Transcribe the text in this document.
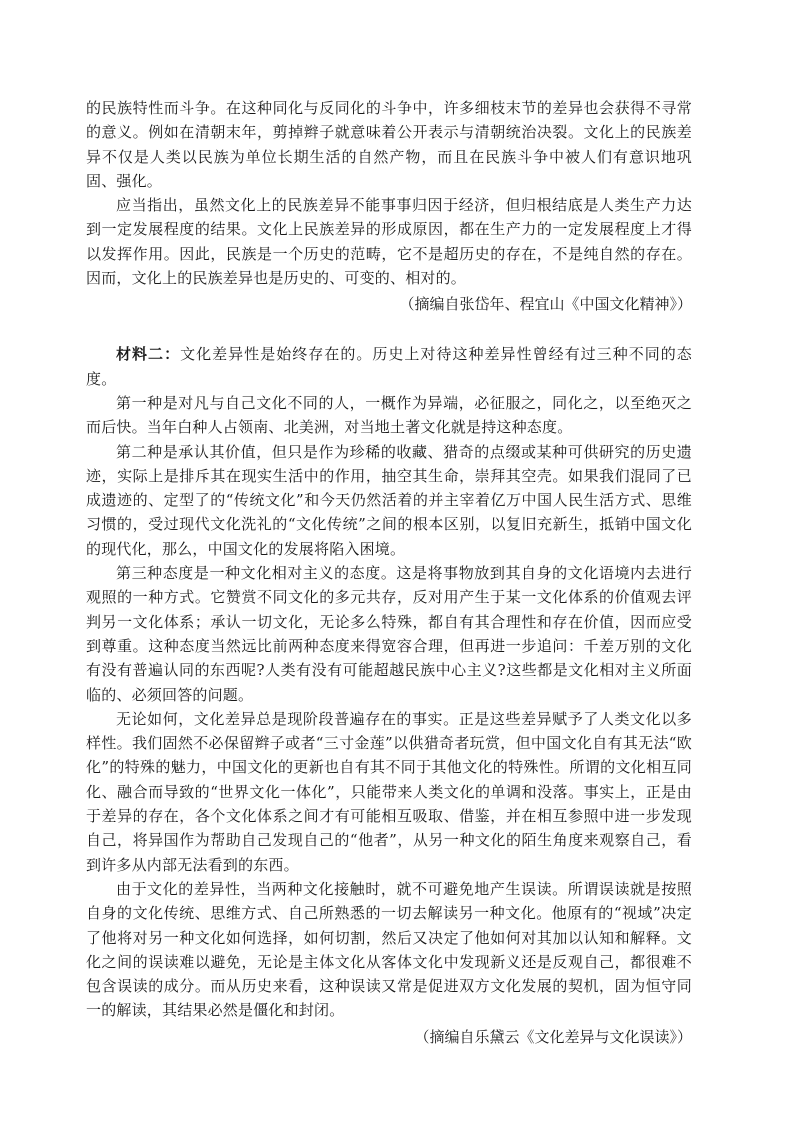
的民族特性而斗争。在这种同化与反同化的斗争中，许多细枝末节的差异也会获得不寻常的意义。例如在清朝末年，剪掉辫子就意味着公开表示与清朝统治决裂。文化上的民族差异不仅是人类以民族为单位长期生活的自然产物，而且在民族斗争中被人们有意识地巩固、强化。

应当指出，虽然文化上的民族差异不能事事归因于经济，但归根结底是人类生产力达到一定发展程度的结果。文化上民族差异的形成原因，都在生产力的一定发展程度上才得以发挥作用。因此，民族是一个历史的范畴，它不是超历史的存在，不是纯自然的存在。因而，文化上的民族差异也是历史的、可变的、相对的。

（摘编自张岱年、程宜山《中国文化精神》）

材料二：文化差异性是始终存在的。历史上对待这种差异性曾经有过三种不同的态度。

第一种是对凡与自己文化不同的人，一概作为异端，必征服之，同化之，以至绝灭之而后快。当年白种人占领南、北美洲，对当地土著文化就是持这种态度。

第二种是承认其价值，但只是作为珍稀的收藏、猎奇的点缀或某种可供研究的历史遗迹，实际上是排斥其在现实生活中的作用，抽空其生命，崇拜其空壳。如果我们混同了已成遗迹的、定型了的“传统文化”和今天仍然活着的并主宰着亿万中国人民生活方式、思维习惯的，受过现代文化洗礼的“文化传统”之间的根本区别，以复旧充新生，抵销中国文化的现代化，那么，中国文化的发展将陷入困境。

第三种态度是一种文化相对主义的态度。这是将事物放到其自身的文化语境内去进行观照的一种方式。它赞赏不同文化的多元共存，反对用产生于某一文化体系的价值观去评判另一文化体系；承认一切文化，无论多么特殊，都自有其合理性和存在价值，因而应受到尊重。这种态度当然远比前两种态度来得宽容合理，但再进一步追问：千差万别的文化有没有普遍认同的东西呢?人类有没有可能超越民族中心主义?这些都是文化相对主义所面临的、必须回答的问题。

无论如何，文化差异总是现阶段普遍存在的事实。正是这些差异赋予了人类文化以多样性。我们固然不必保留辫子或者“三寸金莲”以供猎奇者玩赏，但中国文化自有其无法“欧化”的特殊的魅力，中国文化的更新也自有其不同于其他文化的特殊性。所谓的文化相互同化、融合而导致的“世界文化一体化”，只能带来人类文化的单调和没落。事实上，正是由于差异的存在，各个文化体系之间才有可能相互吸取、借鉴，并在相互参照中进一步发现自己，将异国作为帮助自己发现自己的“他者”，从另一种文化的陌生角度来观察自己，看到许多从内部无法看到的东西。

由于文化的差异性，当两种文化接触时，就不可避免地产生误读。所谓误读就是按照自身的文化传统、思维方式、自己所熟悉的一切去解读另一种文化。他原有的“视域”决定了他将对另一种文化如何选择，如何切割，然后又决定了他如何对其加以认知和解释。文化之间的误读难以避免，无论是主体文化从客体文化中发现新义还是反观自己，都很难不包含误读的成分。而从历史来看，这种误读又常是促进双方文化发展的契机，固为恒守同一的解读，其结果必然是僵化和封闭。

（摘编自乐黛云《文化差异与文化误读》）
